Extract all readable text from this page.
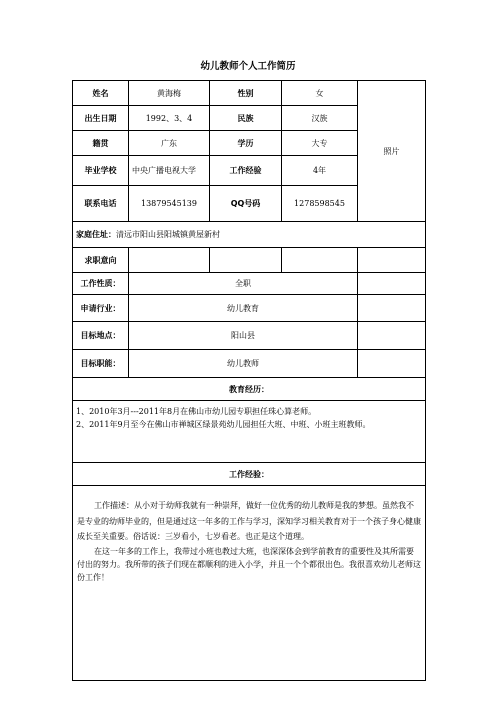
幼儿教师个人工作简历
姓名	黄海梅	性别	女	照片
出生日期	1992、3、4	民族	汉族	
籍贯	广东	学历	大专	
毕业学校	中央广播电视大学	工作经验	4年	
联系电话	13879545139	QQ号码	1278598545	
家庭住址：清远市阳山县阳城镇黄屋新村				
求职意向				
工作性质：	全职			
申请行业：	幼儿教育			
目标地点：	阳山县			
目标职能：	幼儿教师			
教育经历：				

1、2010年3月---2011年8月在佛山市幼儿园专职担任珠心算老师。
2、2011年9月至今在佛山市禅城区绿景苑幼儿园担任大班、中班、小班主班教师。				

工作经验：				

工作描述：从小对于幼师我就有一种崇拜，做好一位优秀的幼儿教师是我的梦想。虽然我不是专业的幼师毕业的，但是通过这一年多的工作与学习，深知学习相关教育对于一个孩子身心健康成长至关重要。俗话说：三岁看小，七岁看老。也正是这个道理。

在这一年多的工作上，我带过小班也教过大班，也深深体会到学前教育的重要性及其所需要付出的努力。我所带的孩子们现在都顺利的进入小学，并且一个个都很出色。我很喜欢幼儿老师这份工作！				
